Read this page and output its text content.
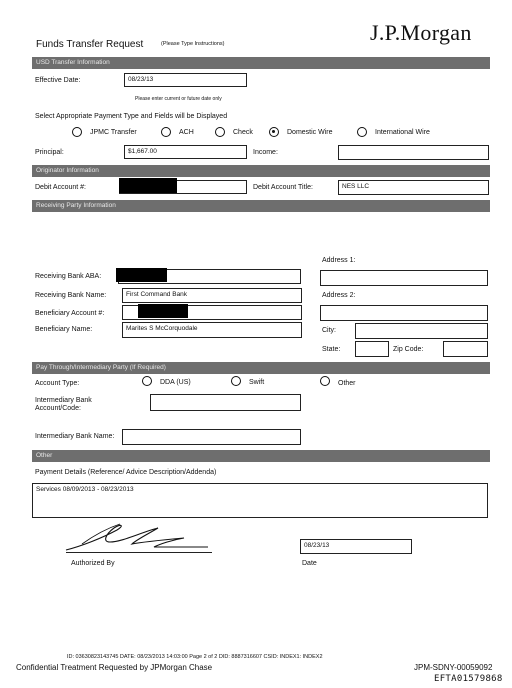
Funds Transfer Request	(Please Type Instructions)	J.P.Morgan
USD Transfer Information
Effective Date:	08/23/13
Please enter current or future date only
Select Appropriate Payment Type and Fields will be Displayed
JPMC Transfer	ACH	Check	Domestic Wire	International Wire
Principal:	$1,667.00	Income:
Originator Information
Debit Account #:	Debit Account Title:	NES LLC
Receiving Party Information
Address 1:
Receiving Bank ABA:
Receiving Bank Name:	First Command Bank	Address 2:
Beneficiary Account #:
Beneficiary Name:	Marites S McCorquodale	City:
State:	Zip Code:
Pay Through/Intermediary Party (If Required)
Account Type:	DDA (US)	Swift	Other
Intermediary Bank
Account/Code:
Intermediary Bank Name:
Other
Payment Details (Reference/ Advice Description/Addenda)
Services 08/09/2013 - 08/23/2013
08/23/13
Authorized By	Date
ID: 03630823143745 DATE: 08/23/2013 14:03:00 Page 2 of 2 DID: 8887316607 CSID: INDEX1: INDEX2
Confidential Treatment Requested by JPMorgan Chase	JPM-SDNY-00059092
EFTA01579868
